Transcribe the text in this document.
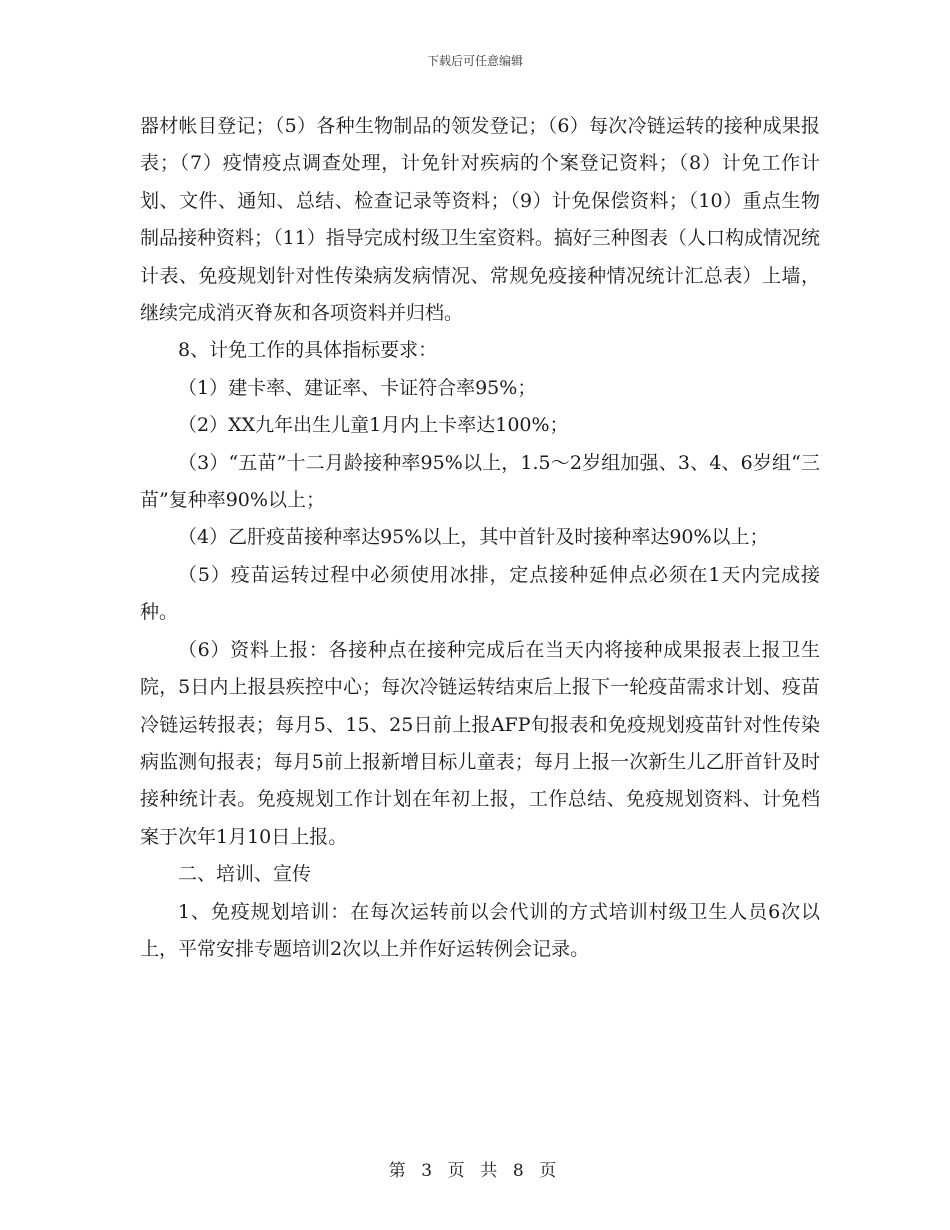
下载后可任意编辑

器材帐目登记；（5）各种生物制品的领发登记；（6）每次冷链运转的接种成果报表；（7）疫情疫点调查处理，计免针对疾病的个案登记资料；（8）计免工作计划、文件、通知、总结、检查记录等资料；（9）计免保偿资料；（10）重点生物制品接种资料；（11）指导完成村级卫生室资料。搞好三种图表（人口构成情况统计表、免疫规划针对性传染病发病情况、常规免疫接种情况统计汇总表）上墙，继续完成消灭脊灰和各项资料并归档。

8、计免工作的具体指标要求：

（1）建卡率、建证率、卡证符合率95%；

（2）XX九年出生儿童1月内上卡率达100%；

（3）“五苗”十二月龄接种率95%以上，1.5～2岁组加强、3、4、6岁组“三苗”复种率90%以上；

（4）乙肝疫苗接种率达95%以上，其中首针及时接种率达90%以上；

（5）疫苗运转过程中必须使用冰排，定点接种延伸点必须在1天内完成接种。

（6）资料上报：各接种点在接种完成后在当天内将接种成果报表上报卫生院，5日内上报县疾控中心；每次冷链运转结束后上报下一轮疫苗需求计划、疫苗冷链运转报表；每月5、15、25日前上报AFP旬报表和免疫规划疫苗针对性传染病监测旬报表；每月5前上报新增目标儿童表；每月上报一次新生儿乙肝首针及时接种统计表。免疫规划工作计划在年初上报，工作总结、免疫规划资料、计免档案于次年1月10日上报。

二、培训、宣传

1、免疫规划培训：在每次运转前以会代训的方式培训村级卫生人员6次以上，平常安排专题培训2次以上并作好运转例会记录。

第 3 页 共 8 页
